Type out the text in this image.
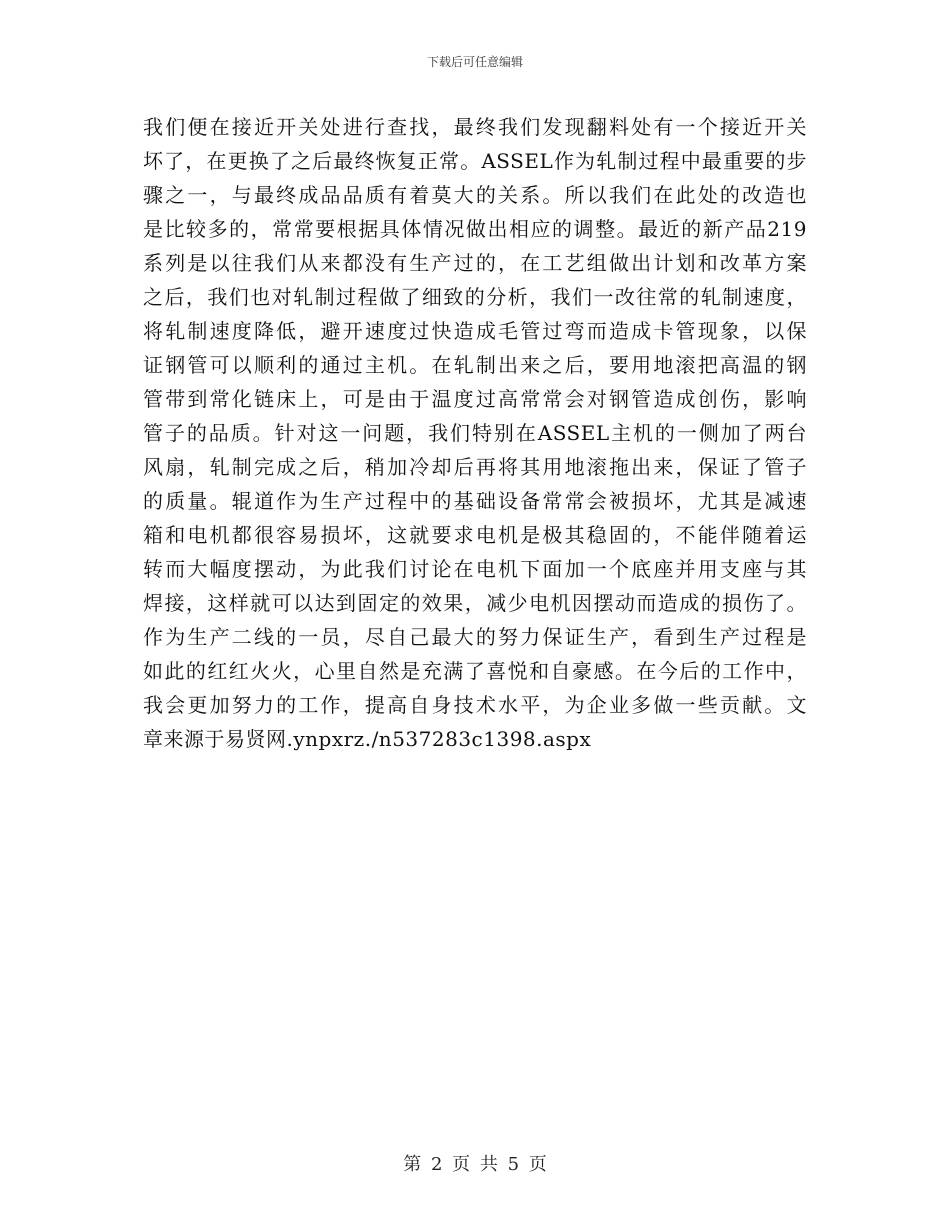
下载后可任意编辑
我们便在接近开关处进行查找，最终我们发现翻料处有一个接近开关
坏了，在更换了之后最终恢复正常。ASSEL作为轧制过程中最重要的步
骤之一，与最终成品品质有着莫大的关系。所以我们在此处的改造也
是比较多的，常常要根据具体情况做出相应的调整。最近的新产品219
系列是以往我们从来都没有生产过的，在工艺组做出计划和改革方案
之后，我们也对轧制过程做了细致的分析，我们一改往常的轧制速度，
将轧制速度降低，避开速度过快造成毛管过弯而造成卡管现象，以保
证钢管可以顺利的通过主机。在轧制出来之后，要用地滚把高温的钢
管带到常化链床上，可是由于温度过高常常会对钢管造成创伤，影响
管子的品质。针对这一问题，我们特别在ASSEL主机的一侧加了两台
风扇，轧制完成之后，稍加冷却后再将其用地滚拖出来，保证了管子
的质量。辊道作为生产过程中的基础设备常常会被损坏，尤其是减速
箱和电机都很容易损坏，这就要求电机是极其稳固的，不能伴随着运
转而大幅度摆动，为此我们讨论在电机下面加一个底座并用支座与其
焊接，这样就可以达到固定的效果，减少电机因摆动而造成的损伤了。
作为生产二线的一员，尽自己最大的努力保证生产，看到生产过程是
如此的红红火火，心里自然是充满了喜悦和自豪感。在今后的工作中，
我会更加努力的工作，提高自身技术水平，为企业多做一些贡献。文
章来源于易贤网.ynpxrz./n537283c1398.aspx
第 2 页 共 5 页
